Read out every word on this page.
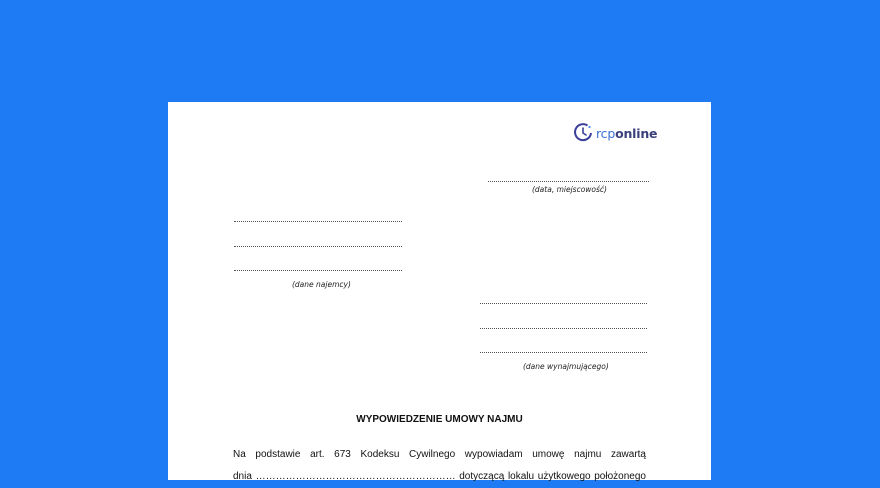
rcponline
(data, miejscowość)
(dane najemcy)
(dane wynajmującego)
WYPOWIEDZENIE UMOWY NAJMU
Na podstawie art. 673 Kodeksu Cywilnego wypowiadam umowę najmu zawartą
dnia …………………………………………………… dotyczącą lokalu użytkowego położonego
